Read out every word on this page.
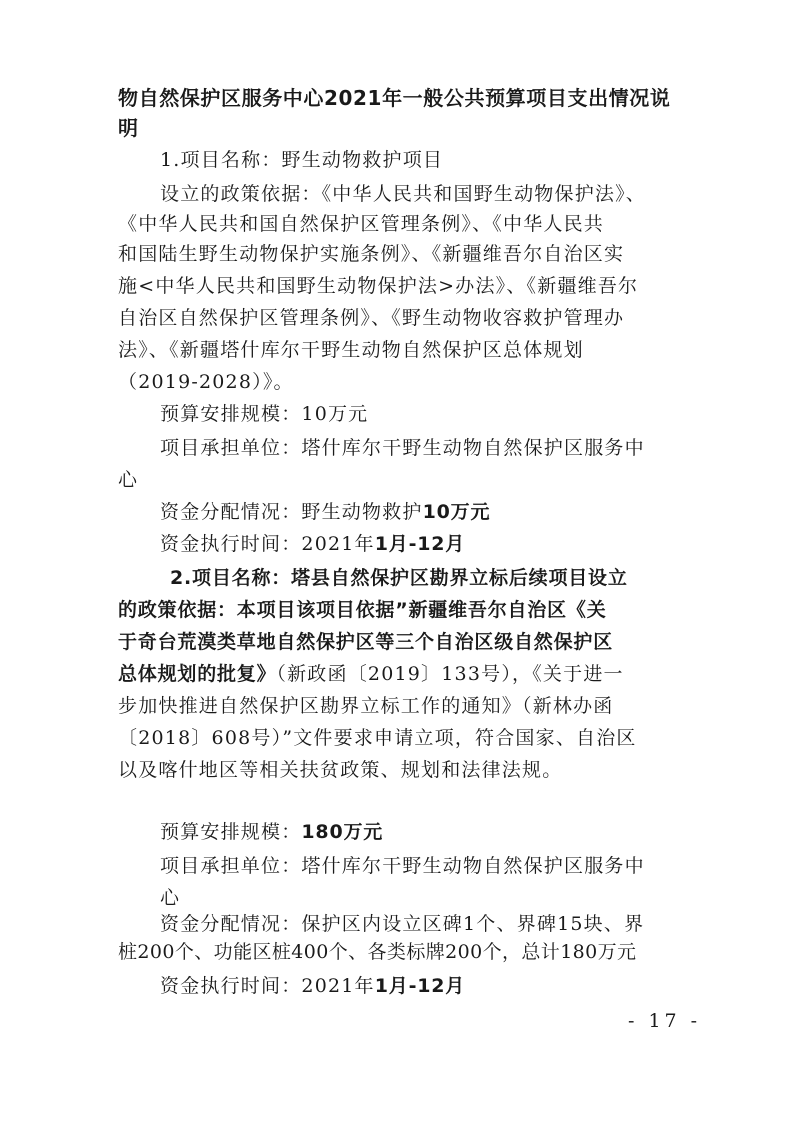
物自然保护区服务中心2021年一般公共预算项目支出情况说
明
1.项目名称：野生动物救护项目
设立的政策依据：《中华人民共和国野生动物保护法》、
《中华人民共和国自然保护区管理条例》、《中华人民共
和国陆生野生动物保护实施条例》、《新疆维吾尔自治区实
施<中华人民共和国野生动物保护法>办法》、《新疆维吾尔
自治区自然保护区管理条例》、《野生动物收容救护管理办
法》、《新疆塔什库尔干野生动物自然保护区总体规划
（2019-2028）》。
预算安排规模：10万元
项目承担单位：塔什库尔干野生动物自然保护区服务中
心
资金分配情况：野生动物救护10万元
资金执行时间：2021年1月-12月
2.项目名称：塔县自然保护区勘界立标后续项目设立
的政策依据：本项目该项目依据”新疆维吾尔自治区《关
于奇台荒漠类草地自然保护区等三个自治区级自然保护区
总体规划的批复》（新政函〔2019〕133号），《关于进一
步加快推进自然保护区勘界立标工作的通知》（新林办函
〔2018〕608号）”文件要求申请立项，符合国家、自治区
以及喀什地区等相关扶贫政策、规划和法律法规。
预算安排规模：180万元
项目承担单位：塔什库尔干野生动物自然保护区服务中
心
资金分配情况：保护区内设立区碑1个、界碑15块、界
桩200个、功能区桩400个、各类标牌200个，总计180万元
资金执行时间：2021年1月-12月
- 17 -
